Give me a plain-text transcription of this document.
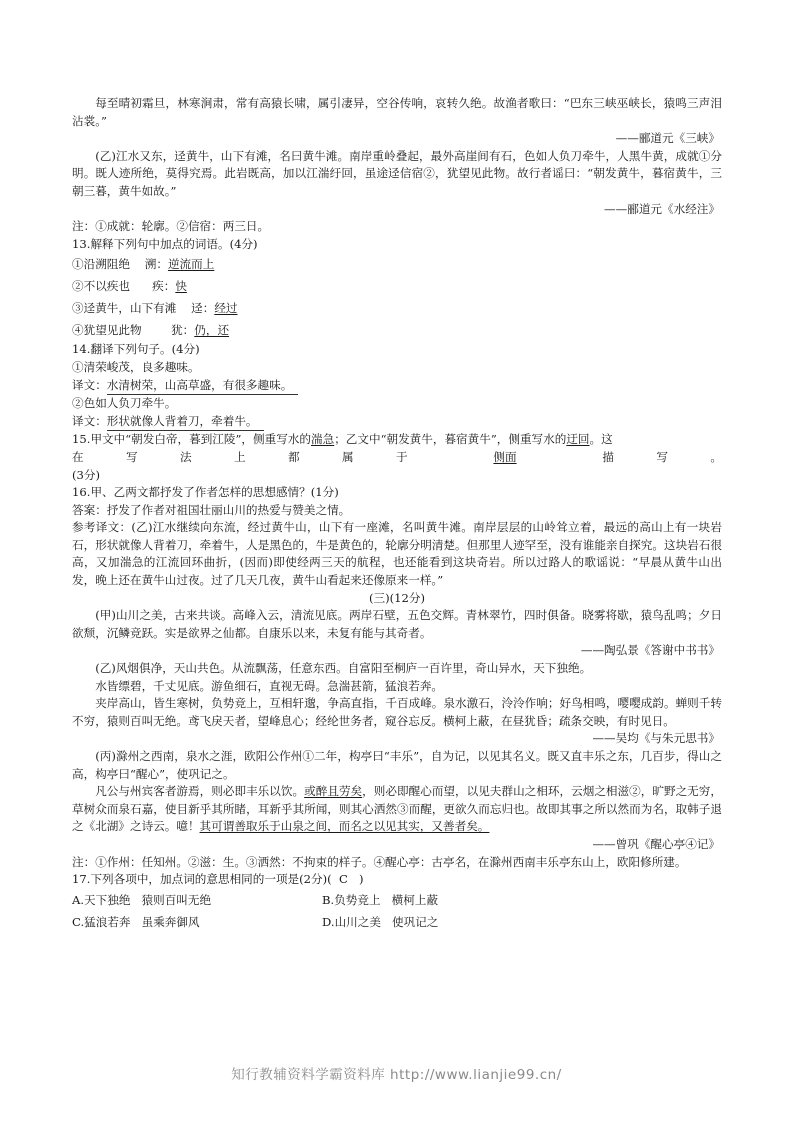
每至晴初霜旦，林寒涧肃，常有高猿长啸，属引凄异，空谷传响，哀转久绝。故渔者歌曰：“巴东三峡巫峡长，猿鸣三声泪沾裳。”

——郦道元《三峡》

(乙)江水又东，迳黄牛，山下有滩，名曰黄牛滩。南岸重岭叠起，最外高崖间有石，色如人负刀牵牛，人黑牛黄，成就①分明。既人迹所绝，莫得究焉。此岩既高，加以江湍纡回，虽途迳信宿②，犹望见此物。故行者谣曰：“朝发黄牛，暮宿黄牛，三朝三暮，黄牛如故。”

——郦道元《水经注》

注：①成就：轮廓。②信宿：两三日。

13.解释下列句中加点的词语。(4分)

①沿溯阻绝 溯：逆流而上

②不以疾也 疾：快

③迳黄牛，山下有滩 迳：经过

④犹望见此物	犹：仍，还

14.翻译下列句子。(4分)

①清荣峻茂，良多趣味。

译文：水清树荣，山高草盛，有很多趣味。

②色如人负刀牵牛。

译文：形状就像人背着刀，牵着牛。

15.甲文中“朝发白帝，暮到江陵”，侧重写水的湍急；乙文中“朝发黄牛，暮宿黄牛”，侧重写水的迂回。这

在	写	法	上	都	属	于	侧面	描	写	。

(3分)

16.甲、乙两文都抒发了作者怎样的思想感情？(1分)

答案：抒发了作者对祖国壮丽山川的热爱与赞美之情。

参考译文：(乙)江水继续向东流，经过黄牛山，山下有一座滩，名叫黄牛滩。南岸层层的山岭耸立着，最远的高山上有一块岩石，形状就像人背着刀，牵着牛，人是黑色的，牛是黄色的，轮廓分明清楚。但那里人迹罕至，没有谁能亲自探究。这块岩石很高，又加湍急的江流回环曲折，(因而)即使经两三天的航程，也还能看到这块奇岩。所以过路人的歌谣说：“早晨从黄牛山出发，晚上还在黄牛山过夜。过了几天几夜，黄牛山看起来还像原来一样。”

(三)(12分)

(甲)山川之美，古来共谈。高峰入云，清流见底。两岸石壁，五色交辉。青林翠竹，四时俱备。晓雾将歇，猿鸟乱鸣；夕日欲颓，沉鳞竞跃。实是欲界之仙都。自康乐以来，未复有能与其奇者。

——陶弘景《答谢中书书》

(乙)风烟俱净，天山共色。从流飘荡，任意东西。自富阳至桐庐一百许里，奇山异水，天下独绝。

水皆缥碧，千丈见底。游鱼细石，直视无碍。急湍甚箭，猛浪若奔。

夹岸高山，皆生寒树，负势竞上，互相轩邈，争高直指，千百成峰。泉水激石，泠泠作响；好鸟相鸣，嘤嘤成韵。蝉则千转不穷，猿则百叫无绝。鸢飞戾天者，望峰息心；经纶世务者，窥谷忘反。横柯上蔽，在昼犹昏；疏条交映，有时见日。

——吴均《与朱元思书》

(丙)滁州之西南，泉水之涯，欧阳公作州①二年，构亭曰“丰乐”，自为记，以见其名义。既又直丰乐之东，几百步，得山之高，构亭曰“醒心”，使巩记之。

凡公与州宾客者游焉，则必即丰乐以饮。或醉且劳矣，则必即醒心而望，以见夫群山之相环，云烟之相滋②，旷野之无穷，草树众而泉石嘉，使目新乎其所睹，耳新乎其所闻，则其心洒然③而醒，更欲久而忘归也。故即其事之所以然而为名，取韩子退之《北湖》之诗云。噫！其可谓善取乐于山泉之间，而名之以见其实，又善者矣。

——曾巩《醒心亭④记》

注：①作州：任知州。②滋：生。③洒然：不拘束的样子。④醒心亭：古亭名，在滁州西南丰乐亭东山上，欧阳修所建。

17.下列各项中，加点词的意思相同的一项是(2分)( C )

A.天下独绝 猿则百叫无绝	B.负势竞上 横柯上蔽
C.猛浪若奔 虽乘奔御风	D.山川之美 使巩记之
知行教辅资料学霸资料库 http://www.lianjie99.cn/
